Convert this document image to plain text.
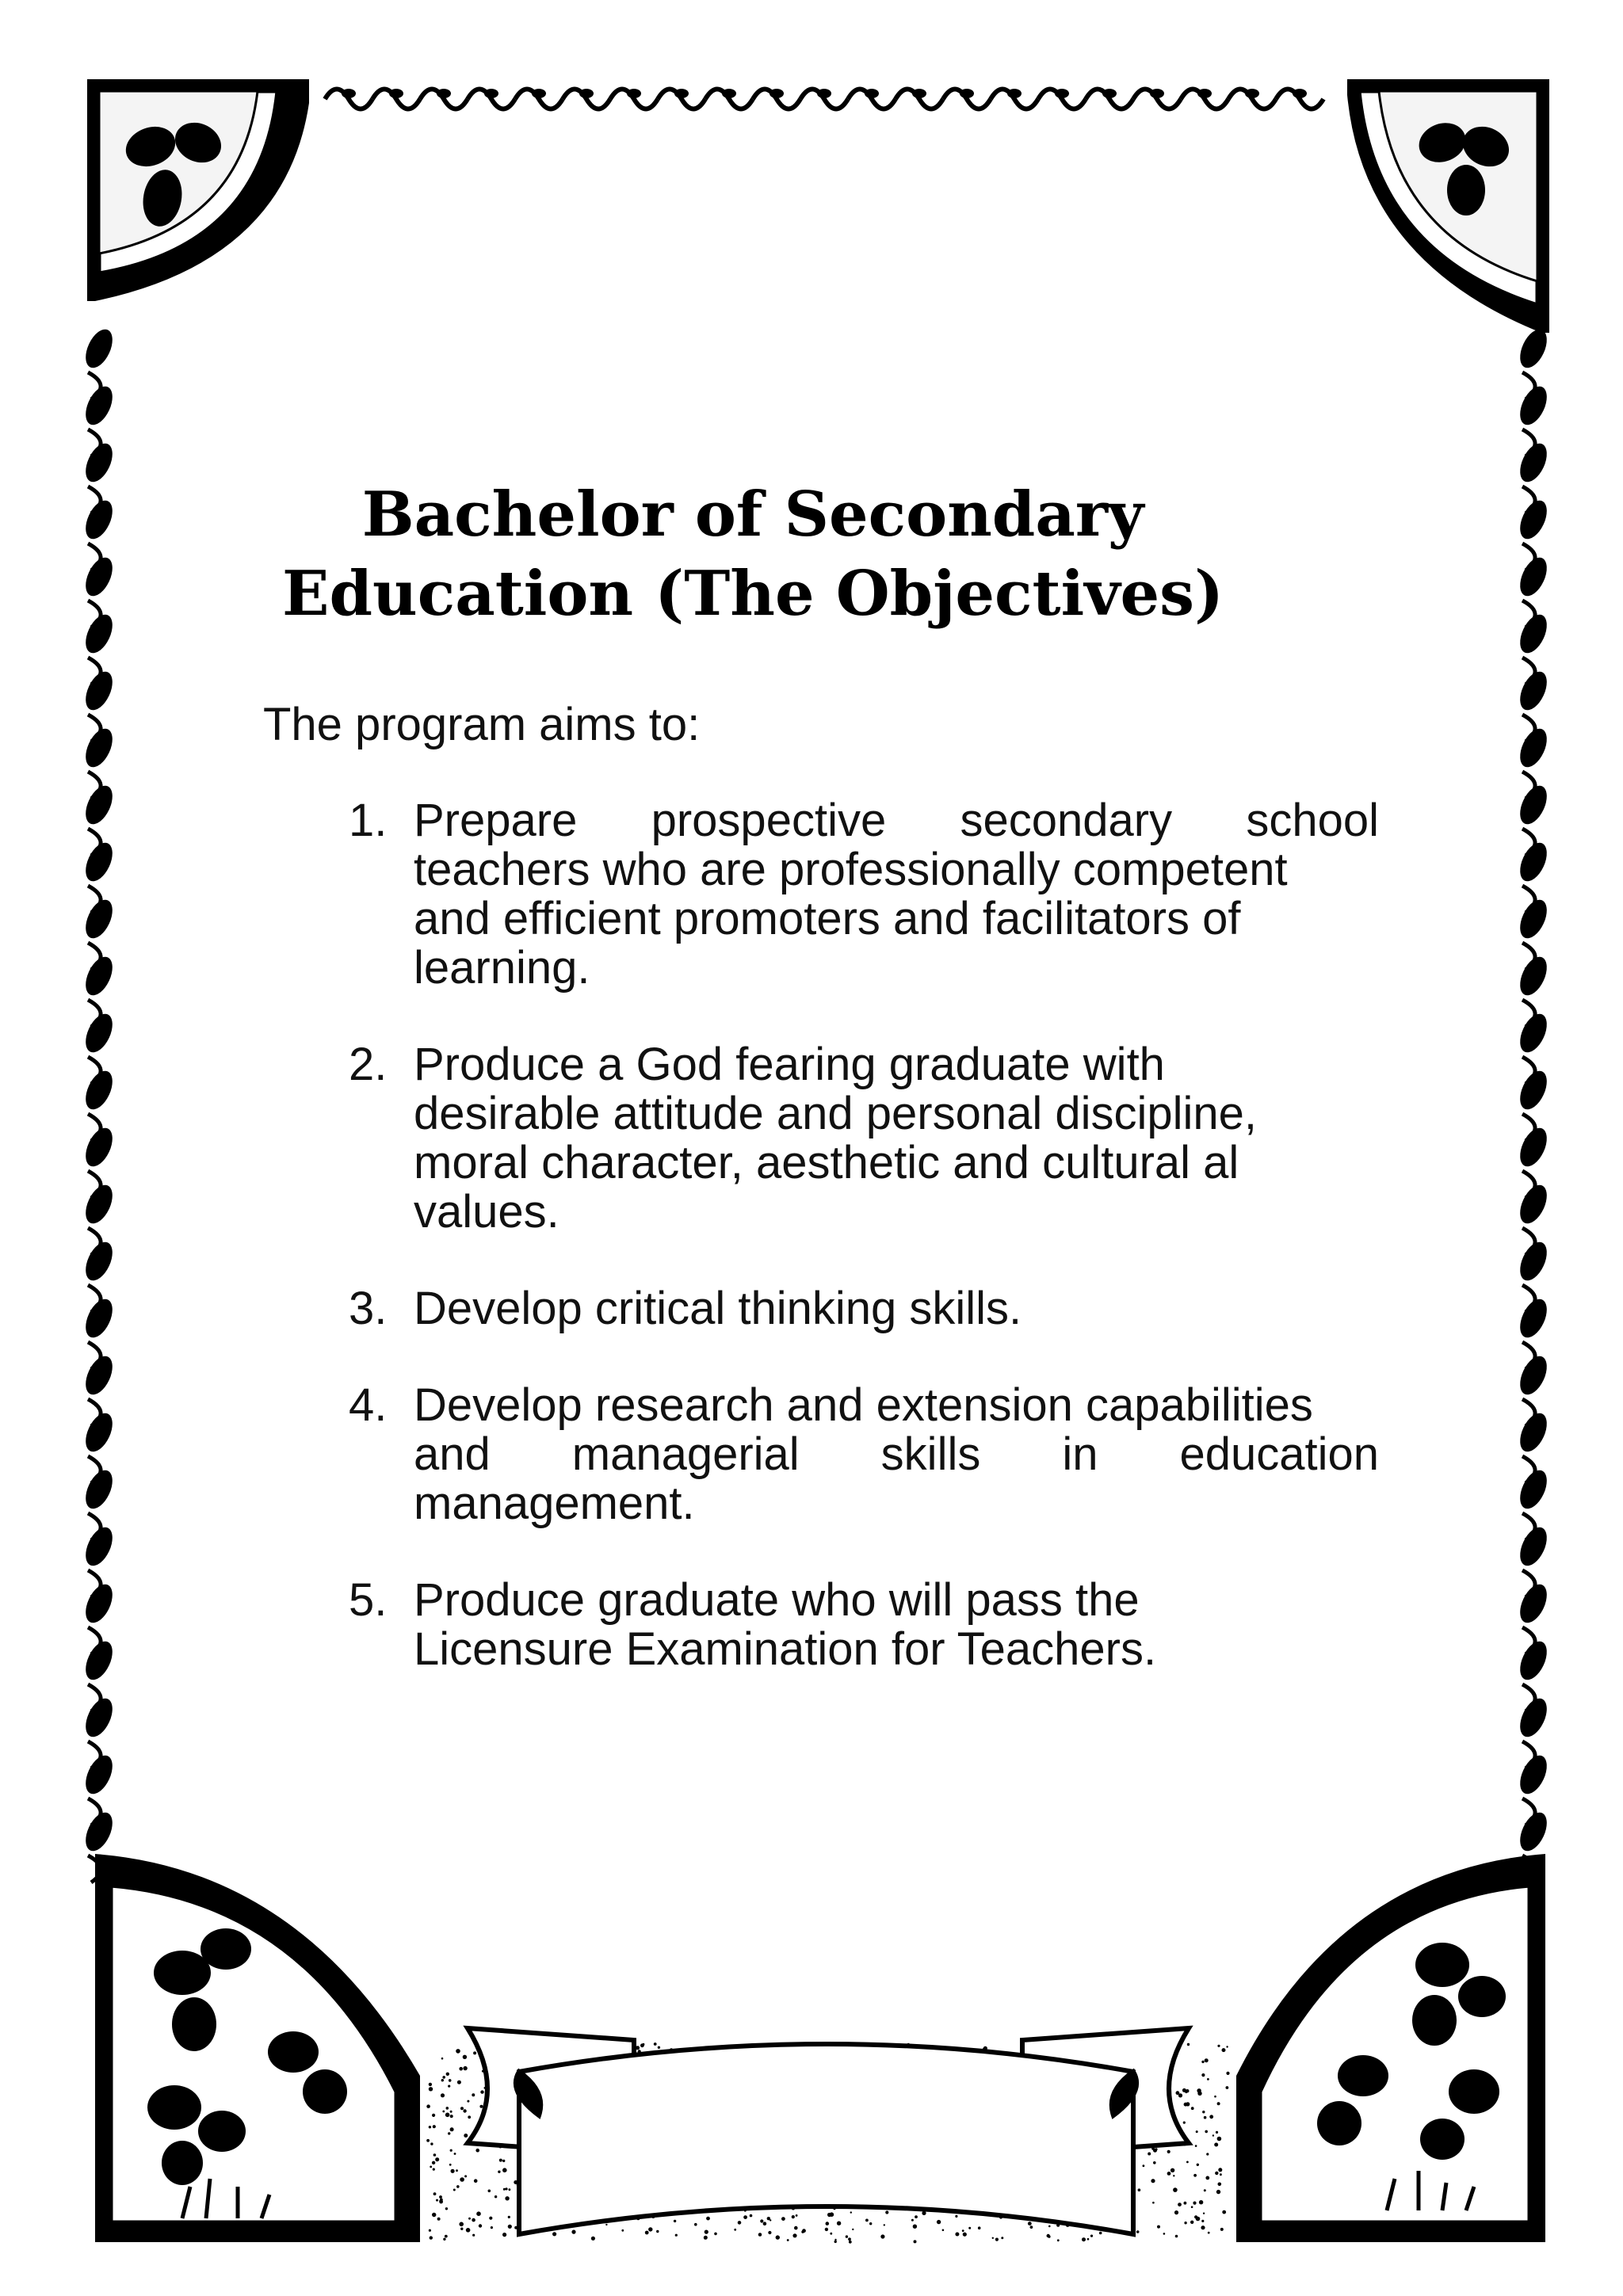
Bachelor of Secondary
Education (The Objectives)
The program aims to:
1. Prepare prospective secondary school
teachers who are professionally competent
and efficient promoters and facilitators of
learning.
2. Produce a God fearing graduate with
desirable attitude and personal discipline,
moral character, aesthetic and cultural al
values.
3. Develop critical thinking skills.
4. Develop research and extension capabilities
and managerial skills in education
management.
5. Produce graduate who will pass the
Licensure Examination for Teachers.
